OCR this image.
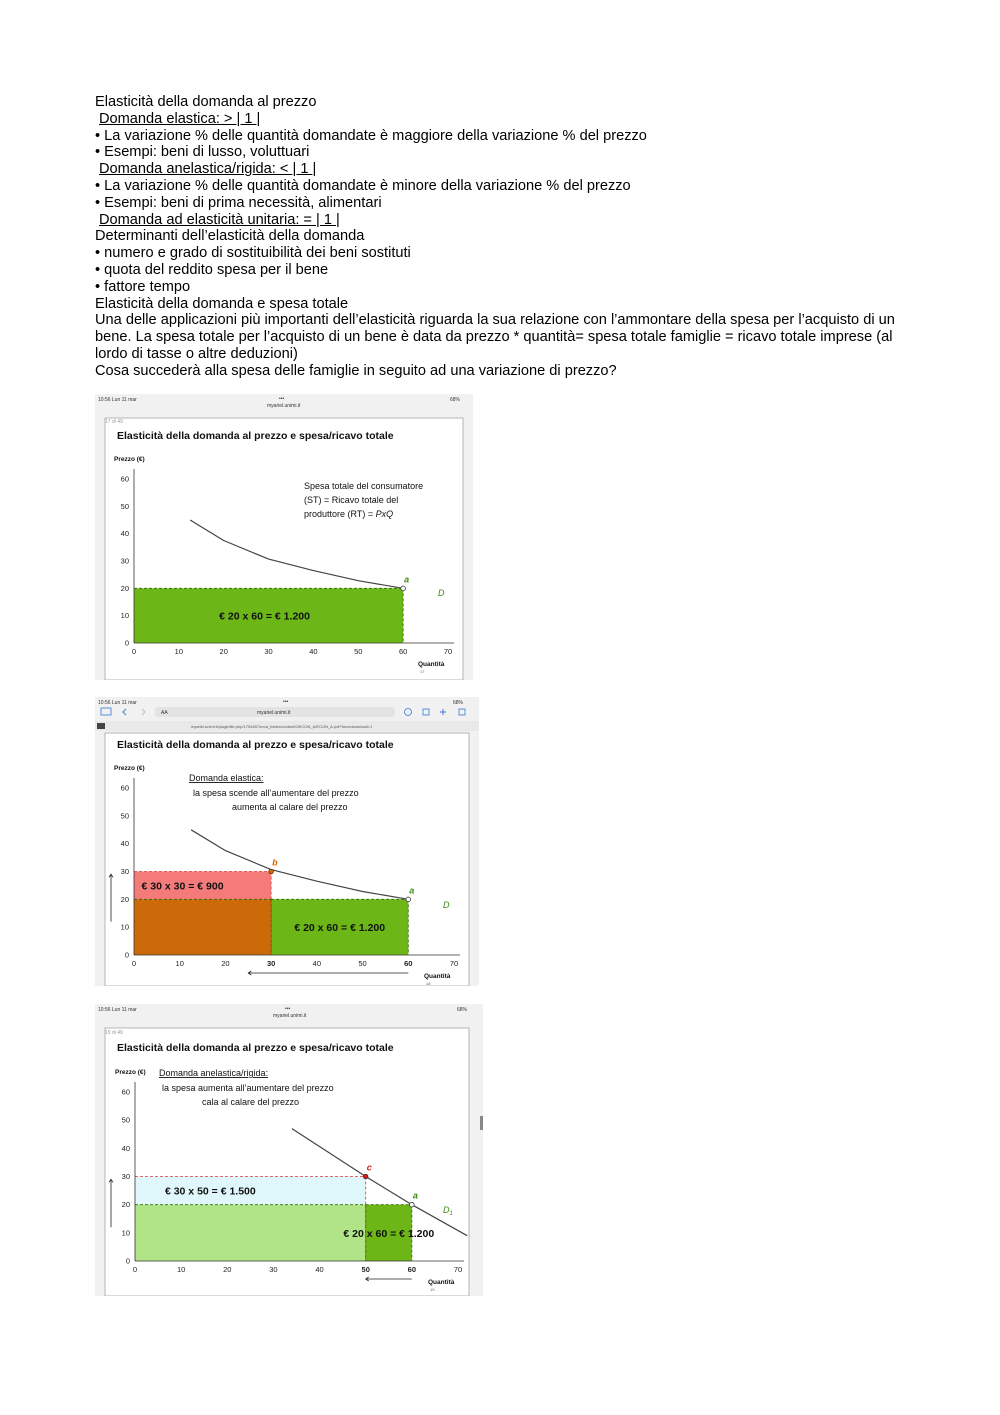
Elasticità della domanda al prezzo

Domanda elastica: > | 1 |

• La variazione % delle quantità domandate è maggiore della variazione % del prezzo

• Esempi: beni di lusso, voluttuari

Domanda anelastica/rigida: < | 1 |

• La variazione % delle quantità domandate è minore della variazione % del prezzo

• Esempi: beni di prima necessità, alimentari

Domanda ad elasticità unitaria: = | 1 |

Determinanti dell’elasticità della domanda

• numero e grado di sostituibilità dei beni sostituti

• quota del reddito spesa per il bene

• fattore tempo

Elasticità della domanda e spesa totale

Una delle applicazioni più importanti dell’elasticità riguarda la sua relazione con l’ammontare della spesa per l’acquisto di un bene. La spesa totale per l’acquisto di un bene è data da prezzo * quantità= spesa totale famiglie = ricavo totale imprese (al lordo di tasse o altre deduzioni)

Cosa succederà alla spesa delle famiglie in seguito ad una variazione di prezzo?

10:56 Lun 11 mar	•••
myariel.unimi.it
68%
17 di 49
Elasticità della domanda al prezzo e spesa/ricavo totale
Prezzo (€)
Quantità
0	10	20	30	40	50	60	70
0
10
20
30
40
50
60
D
€ 20 x 60 = € 1.200
a
Spesa totale del consumatore
(ST) = Ricavo totale del
produttore (RT) = PxQ
17
10:56 Lun 11 mar	•••	68%
AA	myariel.unimi.it
myariel.unimi.it/pluginfile.php/1794457/mod_folder/content/0/ECON_A/ECON_A.pdf?forcedownload=1
Elasticità della domanda al prezzo e spesa/ricavo totale
Prezzo (€)
Quantità
0	10	20	30	40	50	60	70
0
10
20
30
40
50
60
D
€ 30 x 30 = € 900
€ 20 x 60 = € 1.200
b
a
Domanda elastica:
la spesa scende all’aumentare del prezzo
aumenta al calare del prezzo
18
10:56 Lun 11 mar	•••
myariel.unimi.it
68%
19 di 49
Elasticità della domanda al prezzo e spesa/ricavo totale
Prezzo (€)
Quantità
0	10	20	30	40	50	60	70
0
10
20
30
40
50
60
$D_1$
€ 30 x 50 = € 1.500
€ 20 x 60 = € 1.200
c
a
Domanda anelastica/rigida:
la spesa aumenta all’aumentare del prezzo
cala al calare del prezzo
19
